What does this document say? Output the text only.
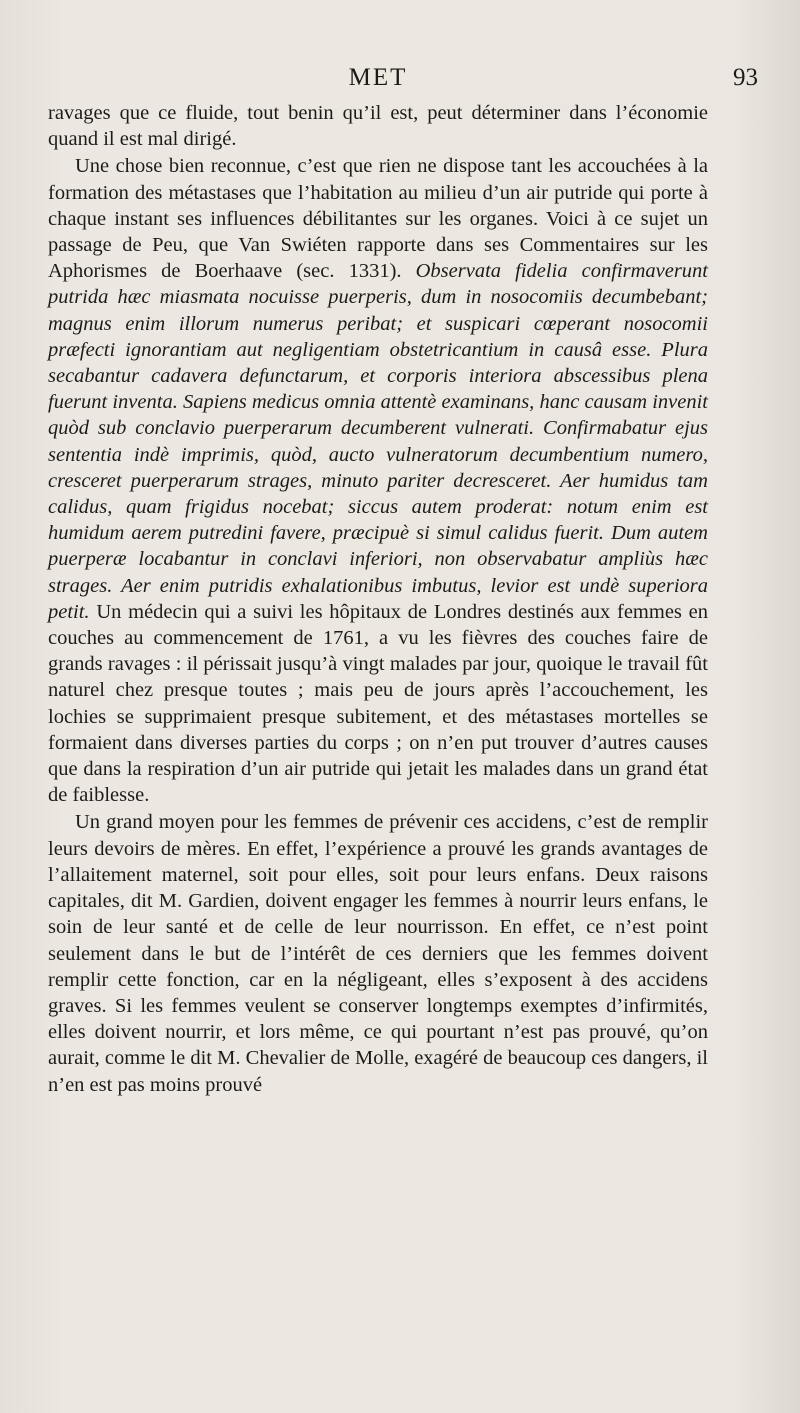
MET	93

ravages que ce fluide, tout benin qu’il est, peut déterminer dans l’économie quand il est mal dirigé.

Une chose bien reconnue, c’est que rien ne dispose tant les accouchées à la formation des métastases que l’habitation au milieu d’un air putride qui porte à chaque instant ses influences débilitantes sur les organes. Voici à ce sujet un passage de Peu, que Van Swiéten rapporte dans ses Commentaires sur les Aphorismes de Boerhaave (sec. 1331). Observata fidelia confirmaverunt putrida hæc miasmata nocuisse puerperis, dum in nosocomiis decumbebant; magnus enim illorum numerus peribat; et suspicari cœperant nosocomii præfecti ignorantiam aut negligentiam obstetricantium in causâ esse. Plura secabantur cadavera defunctarum, et corporis interiora abscessibus plena fuerunt inventa. Sapiens medicus omnia attentè examinans, hanc causam invenit quòd sub conclavio puerperarum decumberent vulnerati. Confirmabatur ejus sententia indè imprimis, quòd, aucto vulneratorum decumbentium numero, cresceret puerperarum strages, minuto pariter decresceret. Aer humidus tam calidus, quam frigidus nocebat; siccus autem proderat: notum enim est humidum aerem putredini favere, præcipuè si simul calidus fuerit. Dum autem puerperæ locabantur in conclavi inferiori, non observabatur ampliùs hæc strages. Aer enim putridis exhalationibus imbutus, levior est undè superiora petit. Un médecin qui a suivi les hôpitaux de Londres destinés aux femmes en couches au commencement de 1761, a vu les fièvres des couches faire de grands ravages : il périssait jusqu’à vingt malades par jour, quoique le travail fût naturel chez presque toutes ; mais peu de jours après l’accouchement, les lochies se supprimaient presque subitement, et des métastases mortelles se formaient dans diverses parties du corps ; on n’en put trouver d’autres causes que dans la respiration d’un air putride qui jetait les malades dans un grand état de faiblesse.

Un grand moyen pour les femmes de prévenir ces accidens, c’est de remplir leurs devoirs de mères. En effet, l’expérience a prouvé les grands avantages de l’allaitement maternel, soit pour elles, soit pour leurs enfans. Deux raisons capitales, dit M. Gardien, doivent engager les femmes à nourrir leurs enfans, le soin de leur santé et de celle de leur nourrisson. En effet, ce n’est point seulement dans le but de l’intérêt de ces derniers que les femmes doivent remplir cette fonction, car en la négligeant, elles s’exposent à des accidens graves. Si les femmes veulent se conserver longtemps exemptes d’infirmités, elles doivent nourrir, et lors même, ce qui pourtant n’est pas prouvé, qu’on aurait, comme le dit M. Chevalier de Molle, exagéré de beaucoup ces dangers, il n’en est pas moins prouvé
